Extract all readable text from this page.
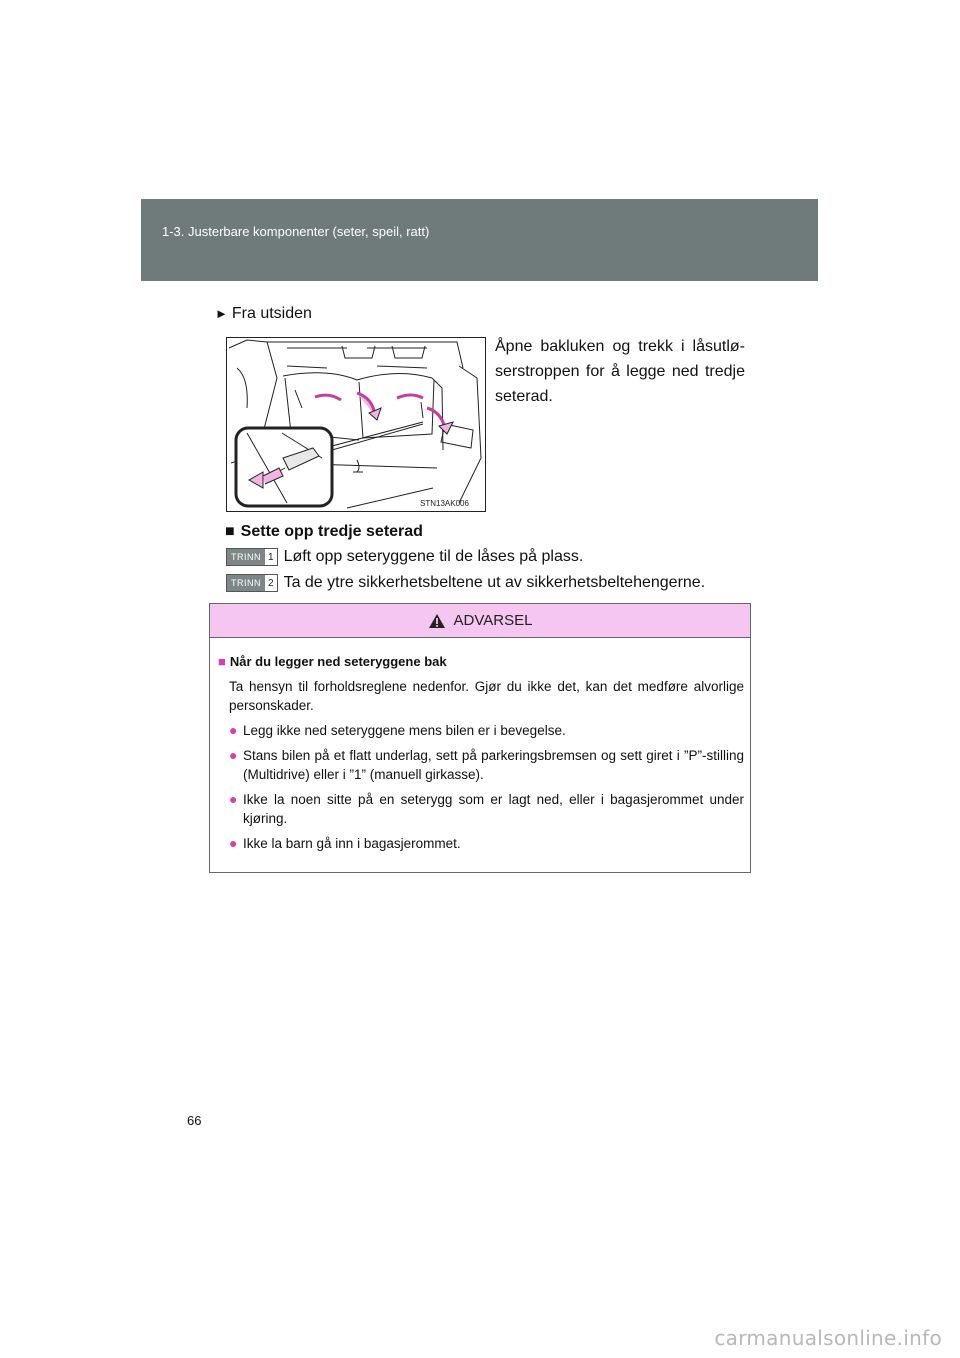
1-3. Justerbare komponenter (seter, speil, ratt)
► Fra utsiden
STN13AK006
Åpne bakluken og trekk i låsutlø-serstroppen for å legge ned tredje seterad.
■ Sette opp tredje seterad
TRINN 1 Løft opp seteryggene til de låses på plass.
TRINN 2 Ta de ytre sikkerhetsbeltene ut av sikkerhetsbeltehengerne.
ADVARSEL
■ Når du legger ned seteryggene bak
Ta hensyn til forholdsreglene nedenfor. Gjør du ikke det, kan det medføre alvorlige personskader.
● Legg ikke ned seteryggene mens bilen er i bevegelse.
● Stans bilen på et flatt underlag, sett på parkeringsbremsen og sett giret i ”P”-stilling (Multidrive) eller i ”1” (manuell girkasse).
● Ikke la noen sitte på en seterygg som er lagt ned, eller i bagasjerommet under kjøring.
● Ikke la barn gå inn i bagasjerommet.
66
carmanualsonline.info
